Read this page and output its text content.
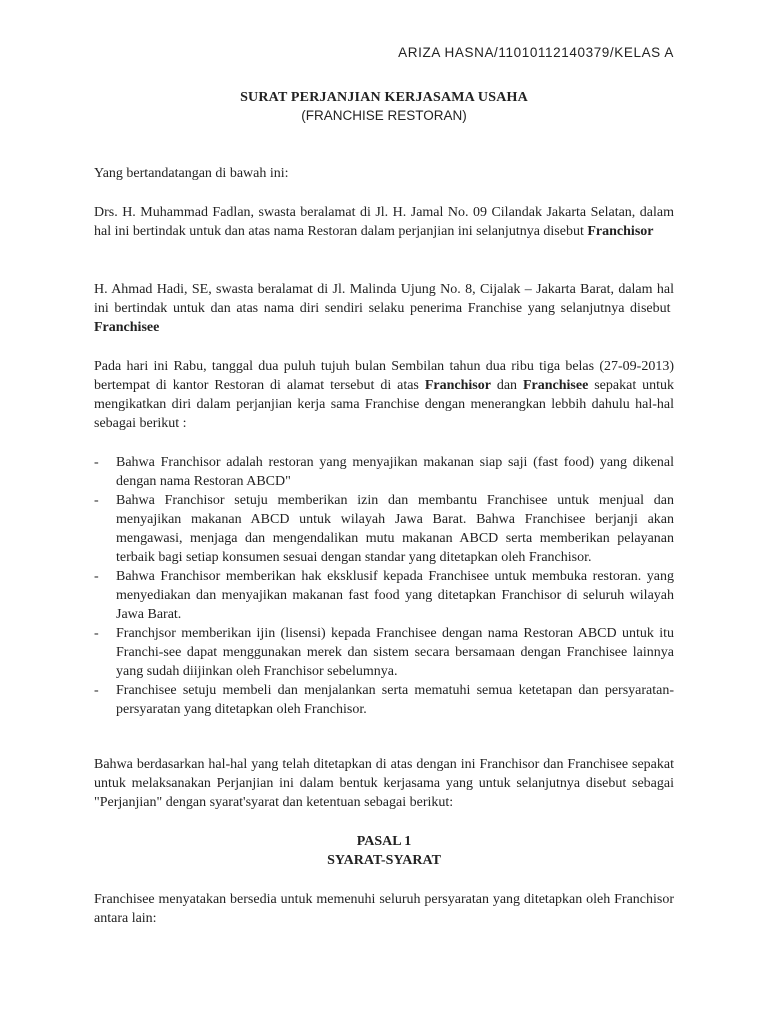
ARIZA HASNA/11010112140379/KELAS A
SURAT PERJANJIAN KERJASAMA USAHA
(FRANCHISE RESTORAN)

Yang bertandatangan di bawah ini:

Drs. H. Muhammad Fadlan, swasta beralamat di Jl. H. Jamal No. 09 Cilandak Jakarta Selatan, dalam hal ini bertindak untuk dan atas nama Restoran dalam perjanjian ini selanjutnya disebut Franchisor

H. Ahmad Hadi, SE, swasta beralamat di Jl. Malinda Ujung No. 8, Cijalak – Jakarta Barat, dalam hal ini bertindak untuk dan atas nama diri sendiri selaku penerima Franchise yang selanjutnya disebut  Franchisee

Pada hari ini Rabu, tanggal dua puluh tujuh bulan Sembilan tahun dua ribu tiga belas (27-09-2013) bertempat di kantor Restoran di alamat tersebut di atas Franchisor dan Franchisee sepakat untuk mengikatkan diri dalam perjanjian kerja sama Franchise dengan menerangkan lebbih dahulu hal-hal sebagai berikut :

- Bahwa Franchisor adalah restoran yang menyajikan makanan siap saji (fast food) yang dikenal dengan nama Restoran ABCD"
- Bahwa Franchisor setuju memberikan izin dan membantu Franchisee untuk menjual dan menyajikan makanan ABCD untuk wilayah Jawa Barat. Bahwa Franchisee berjanji akan mengawasi, menjaga dan mengendalikan mutu makanan ABCD serta memberikan pelayanan terbaik bagi setiap konsumen sesuai dengan standar yang ditetapkan oleh Franchisor.
- Bahwa Franchisor memberikan hak eksklusif kepada Franchisee untuk membuka restoran. yang menyediakan dan menyajikan makanan fast food yang ditetapkan Franchisor di seluruh wilayah Jawa Barat.
- Franchjsor memberikan ijin (lisensi) kepada Franchisee dengan nama Restoran ABCD untuk itu Franchi-see dapat menggunakan merek dan sistem secara bersamaan dengan Franchisee lainnya yang sudah diijinkan oleh Franchisor sebelumnya.
- Franchisee setuju membeli dan menjalankan serta mematuhi semua ketetapan dan persyaratan-persyaratan yang ditetapkan oleh Franchisor.

Bahwa berdasarkan hal-hal yang telah ditetapkan di atas dengan ini Franchisor dan Franchisee sepakat untuk melaksanakan Perjanjian ini dalam bentuk kerjasama yang untuk selanjutnya disebut sebagai "Perjanjian" dengan syarat'syarat dan ketentuan sebagai berikut:

PASAL 1
SYARAT-SYARAT

Franchisee menyatakan bersedia untuk memenuhi seluruh persyaratan yang ditetapkan oleh Franchisor antara lain:
